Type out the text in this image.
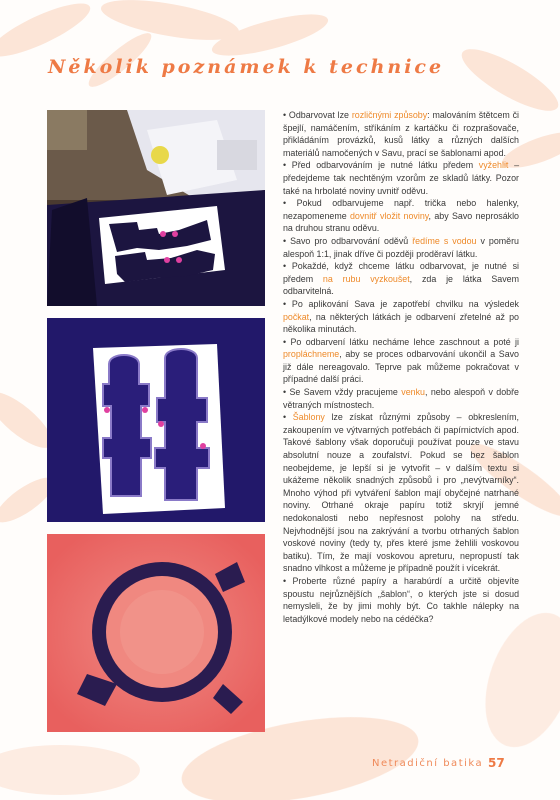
Několik poznámek k technice

• Odbarvovat lze rozličnými způsoby: malováním štětcem či špejlí, namáčením, stříkáním z kartáčku či rozprašovače, přikládáním provázků, kusů látky a různých dalších materiálů namočených v Savu, prací se šablonami apod.

• Před odbarvováním je nutné látku předem vyžehlit – předejdeme tak nechtěným vzorům ze skladů látky. Pozor také na hrbolaté noviny uvnitř oděvu.

• Pokud odbarvujeme např. trička nebo halenky, nezapomeneme dovnitř vložit noviny, aby Savo neprosáklo na druhou stranu oděvu.

• Savo pro odbarvování oděvů ředíme s vodou v poměru alespoň 1:1, jinak dříve či později proděraví látku.

• Pokaždé, když chceme látku odbarvovat, je nutné si předem na rubu vyzkoušet, zda je látka Savem odbarvitelná.

• Po aplikování Sava je zapotřebí chvilku na výsledek počkat, na některých látkách je odbarvení zřetelné až po několika minutách.

• Po odbarvení látku necháme lehce zaschnout a poté ji propláchneme, aby se proces odbarvování ukončil a Savo již dále nereagovalo. Teprve pak můžeme pokračovat v případné další práci.

• Se Savem vždy pracujeme venku, nebo alespoň v dobře větraných místnostech.

• Šablony lze získat různými způsoby – obkreslením, zakoupením ve výtvarných potřebách či papírnictvích apod. Takové šablony však doporučuji používat pouze ve stavu absolutní nouze a zoufalství. Pokud se bez šablon neobejdeme, je lepší si je vytvořit – v dalším textu si ukážeme několik snadných způsobů i pro „nevýtvarníky“. Mnoho výhod při vytváření šablon mají obyčejné natrhané noviny. Otrhané okraje papíru totiž skryjí jemné nedokonalosti nebo nepřesnost polohy na středu. Nejvhodnější jsou na zakrývání a tvorbu otrhaných šablon voskové noviny (tedy ty, přes které jsme žehlili voskovou batiku). Tím, že mají voskovou apreturu, nepropustí tak snadno vlhkost a můžeme je případně použít i vícekrát.

• Proberte různé papíry a harabúrdí a určitě objevíte spoustu nejrůznějších „šablon“, o kterých jste si dosud nemysleli, že by jimi mohly být. Co takhle nálepky na letadýlkové modely nebo na cédéčka?

Netradiční batika 57
